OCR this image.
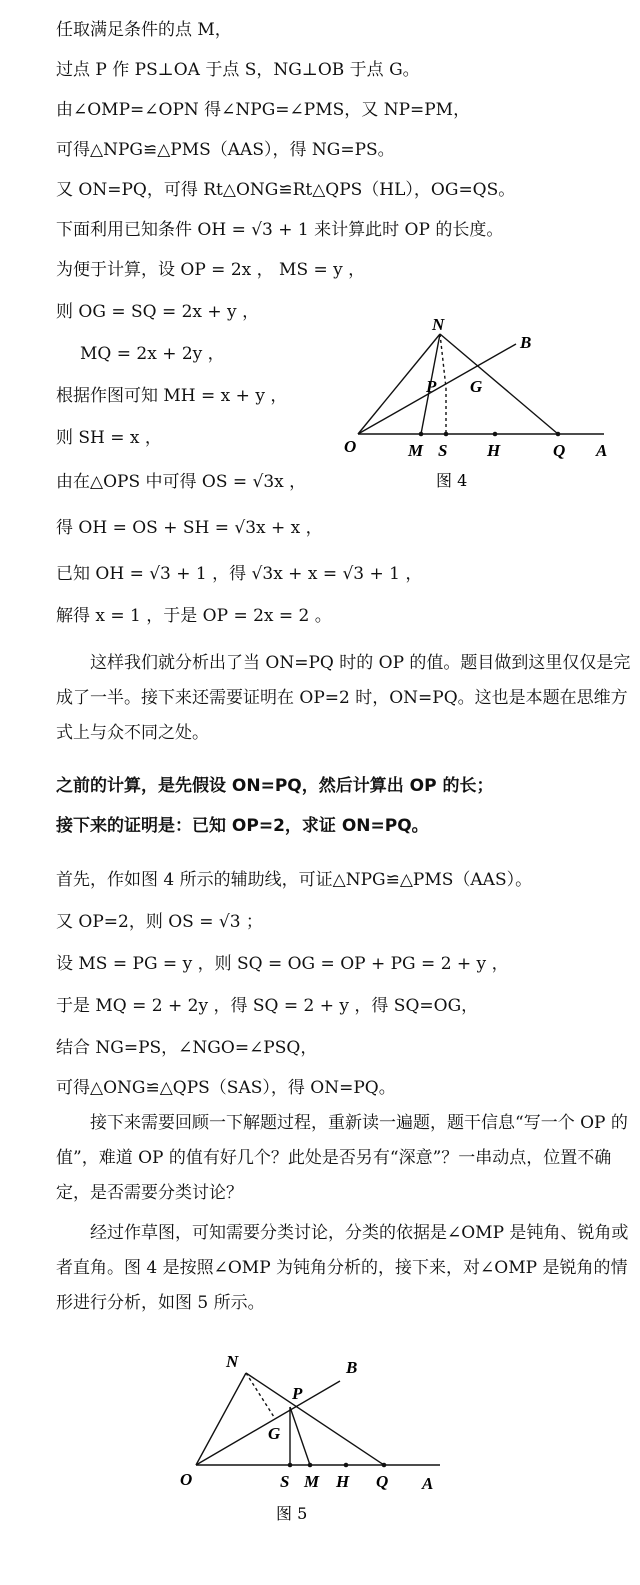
任取满足条件的点 M，
过点 P 作 PS⊥OA 于点 S，NG⊥OB 于点 G。
由∠OMP=∠OPN 得∠NPG=∠PMS，又 NP=PM，
可得△NPG≌△PMS（AAS），得 NG=PS。
又 ON=PQ，可得 Rt△ONG≌Rt△QPS（HL），OG=QS。
下面利用已知条件 OH = √3 + 1 来计算此时 OP 的长度。
为便于计算，设 OP = 2x ， MS = y ，
则 OG = SQ = 2x + y ，
MQ = 2x + 2y ，
根据作图可知 MH = x + y ，
则 SH = x ，
由在△OPS 中可得 OS = √3x ，
得 OH = OS + SH = √3x + x ，
已知 OH = √3 + 1 ，得 √3x + x = √3 + 1 ，
解得 x = 1 ，于是 OP = 2x = 2 。
N
B
P G
O	M S H	Q A
图 4
这样我们就分析出了当 ON=PQ 时的 OP 的值。题目做到这里仅仅是完成了一半。接下来还需要证明在 OP=2 时，ON=PQ。这也是本题在思维方式上与众不同之处。
之前的计算，是先假设 ON=PQ，然后计算出 OP 的长；
接下来的证明是：已知 OP=2，求证 ON=PQ。
首先，作如图 4 所示的辅助线，可证△NPG≌△PMS（AAS）。
又 OP=2，则 OS = √3 ；
设 MS = PG = y ，则 SQ = OG = OP + PG = 2 + y ，
于是 MQ = 2 + 2y ，得 SQ = 2 + y ，得 SQ=OG，
结合 NG=PS，∠NGO=∠PSQ，
可得△ONG≌△QPS（SAS），得 ON=PQ。
接下来需要回顾一下解题过程，重新读一遍题，题干信息“写一个 OP 的值”，难道 OP 的值有好几个？此处是否另有“深意”？一串动点，位置不确定，是否需要分类讨论？
经过作草图，可知需要分类讨论，分类的依据是∠OMP 是钝角、锐角或者直角。图 4 是按照∠OMP 为钝角分析的，接下来，对∠OMP 是锐角的情形进行分析，如图 5 所示。
N	B
P
G
O	S M H Q A
图 5
